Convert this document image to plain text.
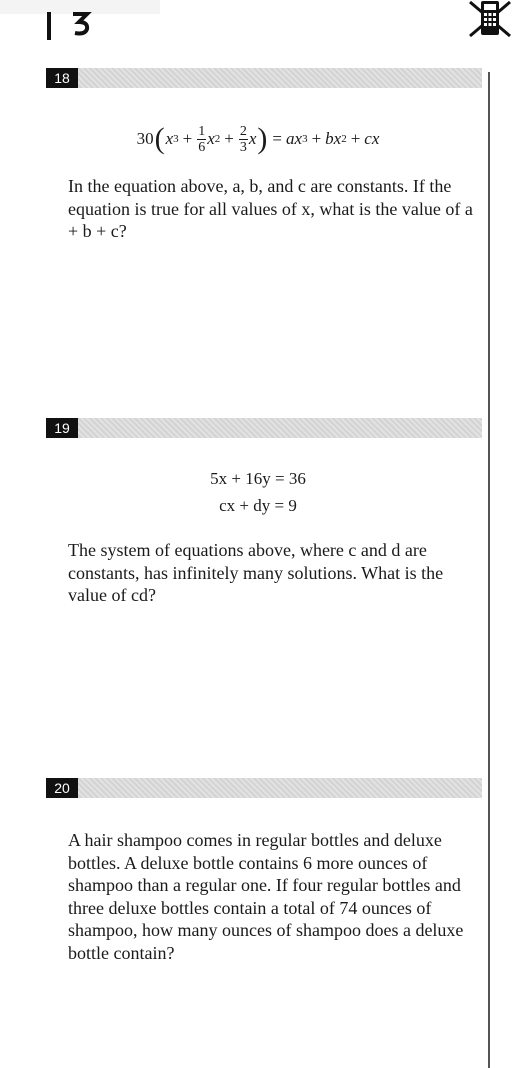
18
30 ( x $3 + \frac{1}{6}$ x $2 + \frac{2}{3}$ x ) = a x 3 + b x 2 + c x
In the equation above, a, b, and c are constants. If the equation is true for all values of x, what is the value of a + b + c?
19
5x + 16y = 36
cx + dy = 9
The system of equations above, where c and d are constants, has infinitely many solutions. What is the value of cd?
20
A hair shampoo comes in regular bottles and deluxe bottles. A deluxe bottle contains 6 more ounces of shampoo than a regular one. If four regular bottles and three deluxe bottles contain a total of 74 ounces of shampoo, how many ounces of shampoo does a deluxe bottle contain?
